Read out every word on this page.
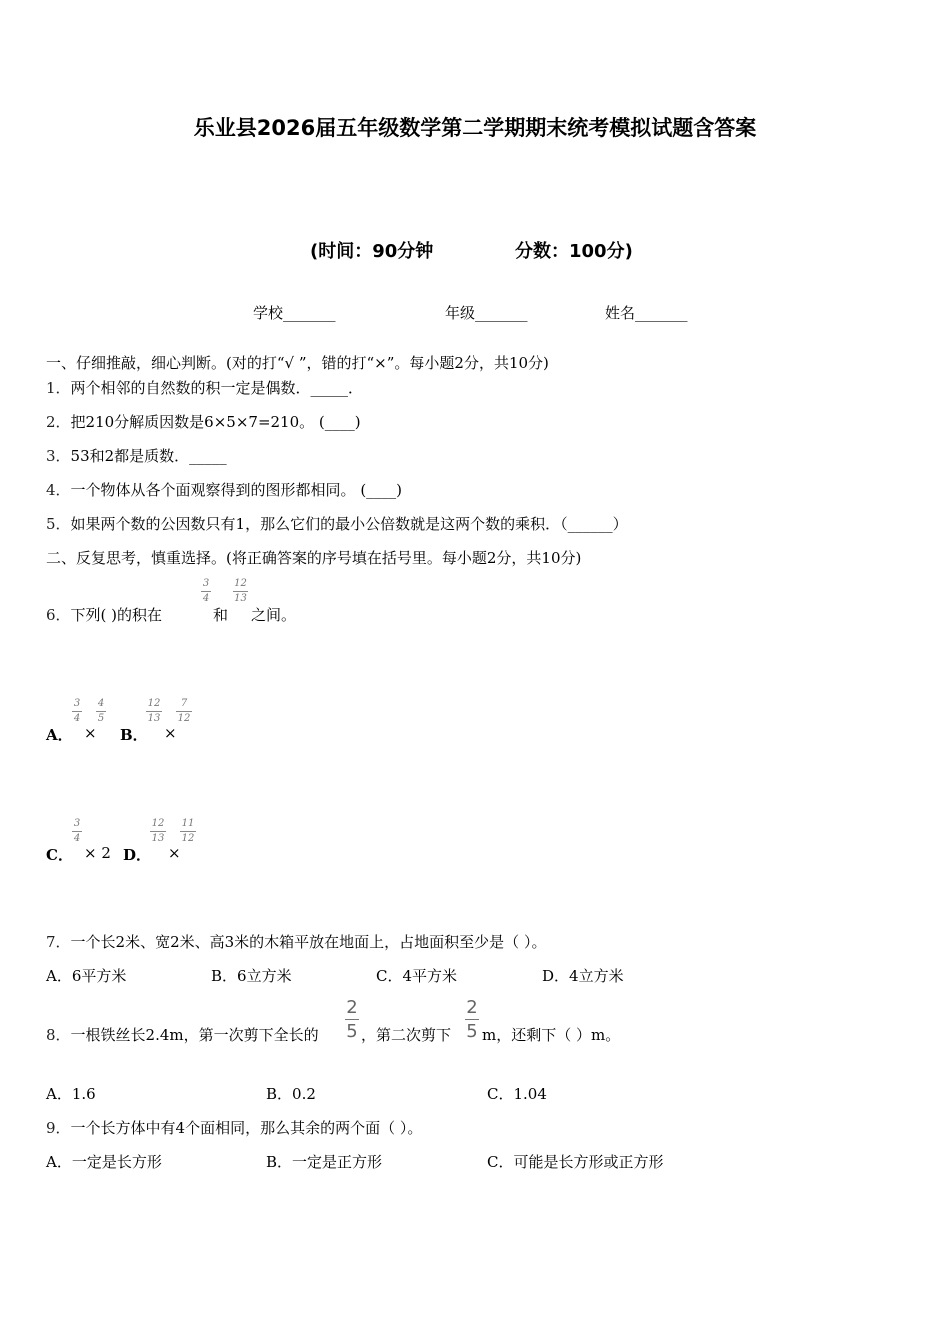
乐业县2026届五年级数学第二学期期末统考模拟试题含答案
(时间：90分钟	分数：100分)
学校_______	年级_______	姓名_______
一、仔细推敲，细心判断。(对的打“√ ”，错的打“×”。每小题2分，共10分)
1．两个相邻的自然数的积一定是偶数．_____．
2．把210分解质因数是6×5×7=210。 (____)
3．53和2都是质数．_____
4．一个物体从各个面观察得到的图形都相同。 (____)
5．如果两个数的公因数只有1，那么它们的最小公倍数就是这两个数的乘积．（______）
二、反复思考，慎重选择。(将正确答案的序号填在括号里。每小题2分，共10分)
6．下列( )的积在
3
4
和
12
13
之间。
A．
3
4
×
4
5
B．
12
13
×
7
12
C．
3
4
× 2 D．
12
13
×
11
12
7．一个长2米、宽2米、高3米的木箱平放在地面上，占地面积至少是（ ）。
A．6平方米	B．6立方米	C．4平方米	D．4立方米
8．一根铁丝长2.4m，第一次剪下全长的
2
5 ，第二次剪下
2
5 m，还剩下（ ）m。
A．1.6	B．0.2	C．1.04
9．一个长方体中有4个面相同，那么其余的两个面（ ）。
A．一定是长方形	B．一定是正方形	C．可能是长方形或正方形
